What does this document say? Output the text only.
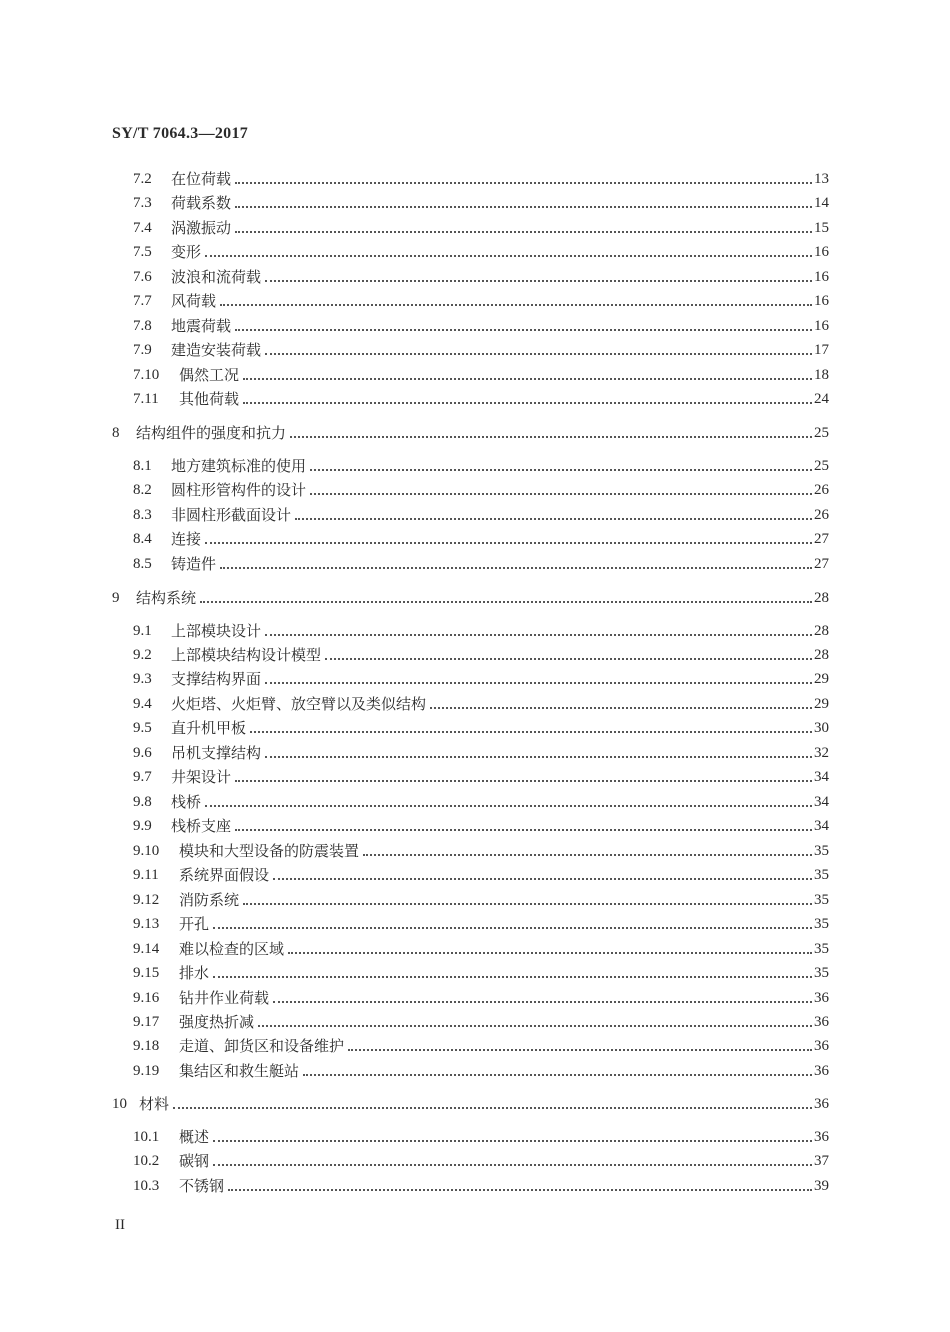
SY/T 7064.3—2017
7.2	在位荷载	13
7.3	荷载系数	14
7.4	涡激振动	15
7.5	变形	16
7.6	波浪和流荷载	16
7.7	风荷载	16
7.8	地震荷载	16
7.9	建造安装荷载	17
7.10	偶然工况	18
7.11	其他荷载	24
8	结构组件的强度和抗力	25
8.1	地方建筑标准的使用	25
8.2	圆柱形管构件的设计	26
8.3	非圆柱形截面设计	26
8.4	连接	27
8.5	铸造件	27
9	结构系统	28
9.1	上部模块设计	28
9.2	上部模块结构设计模型	28
9.3	支撑结构界面	29
9.4	火炬塔、火炬臂、放空臂以及类似结构	29
9.5	直升机甲板	30
9.6	吊机支撑结构	32
9.7	井架设计	34
9.8	栈桥	34
9.9	栈桥支座	34
9.10	模块和大型设备的防震装置	35
9.11	系统界面假设	35
9.12	消防系统	35
9.13	开孔	35
9.14	难以检查的区域	35
9.15	排水	35
9.16	钻井作业荷载	36
9.17	强度热折减	36
9.18	走道、卸货区和设备维护	36
9.19	集结区和救生艇站	36
10 材料	36
10.1	概述	36
10.2	碳钢	37
10.3	不锈钢	39
II
